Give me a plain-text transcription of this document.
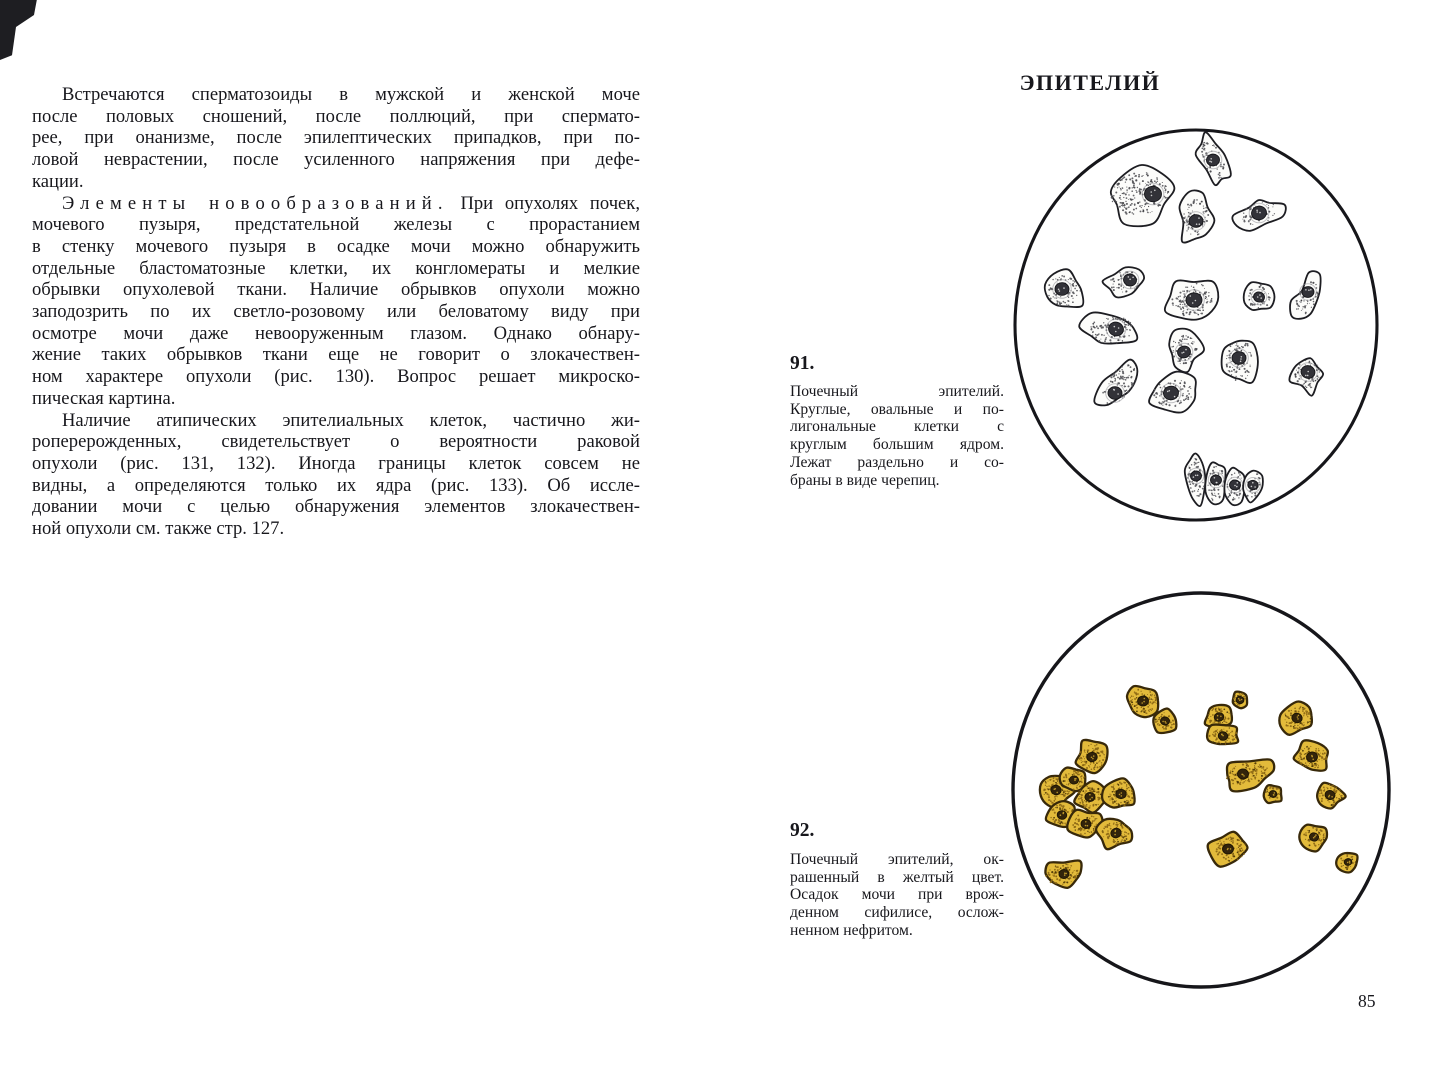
Встречаются сперматозоиды в мужской и женской моче
после половых сношений, после поллюций, при спермато-
рее, при онанизме, после эпилептических припадков, при по-
ловой неврастении, после усиленного напряжения при дефе-
кации.
Элементы новообразований. При опухолях почек,
мочевого пузыря, предстательной железы с прорастанием
в стенку мочевого пузыря в осадке мочи можно обнаружить
отдельные бластоматозные клетки, их конгломераты и мелкие
обрывки опухолевой ткани. Наличие обрывков опухоли можно
заподозрить по их светло-розовому или беловатому виду при
осмотре мочи даже невооруженным глазом. Однако обнару-
жение таких обрывков ткани еще не говорит о злокачествен-
ном характере опухоли (рис. 130). Вопрос решает микроско-
пическая картина.
Наличие атипических эпителиальных клеток, частично жи-
роперерожденных, свидетельствует о вероятности раковой
опухоли (рис. 131, 132). Иногда границы клеток совсем не
видны, а определяются только их ядра (рис. 133). Об иссле-
довании мочи с целью обнаружения элементов злокачествен-
ной опухоли см. также стр. 127.
ЭПИТЕЛИЙ
91.
Почечный эпителий.
Круглые, овальные и по-
лигональные клетки с
круглым большим ядром.
Лежат раздельно и со-
браны в виде черепиц.
92.
Почечный эпителий, ок-
рашенный в желтый цвет.
Осадок мочи при врож-
денном сифилисе, ослож-
ненном нефритом.
85
